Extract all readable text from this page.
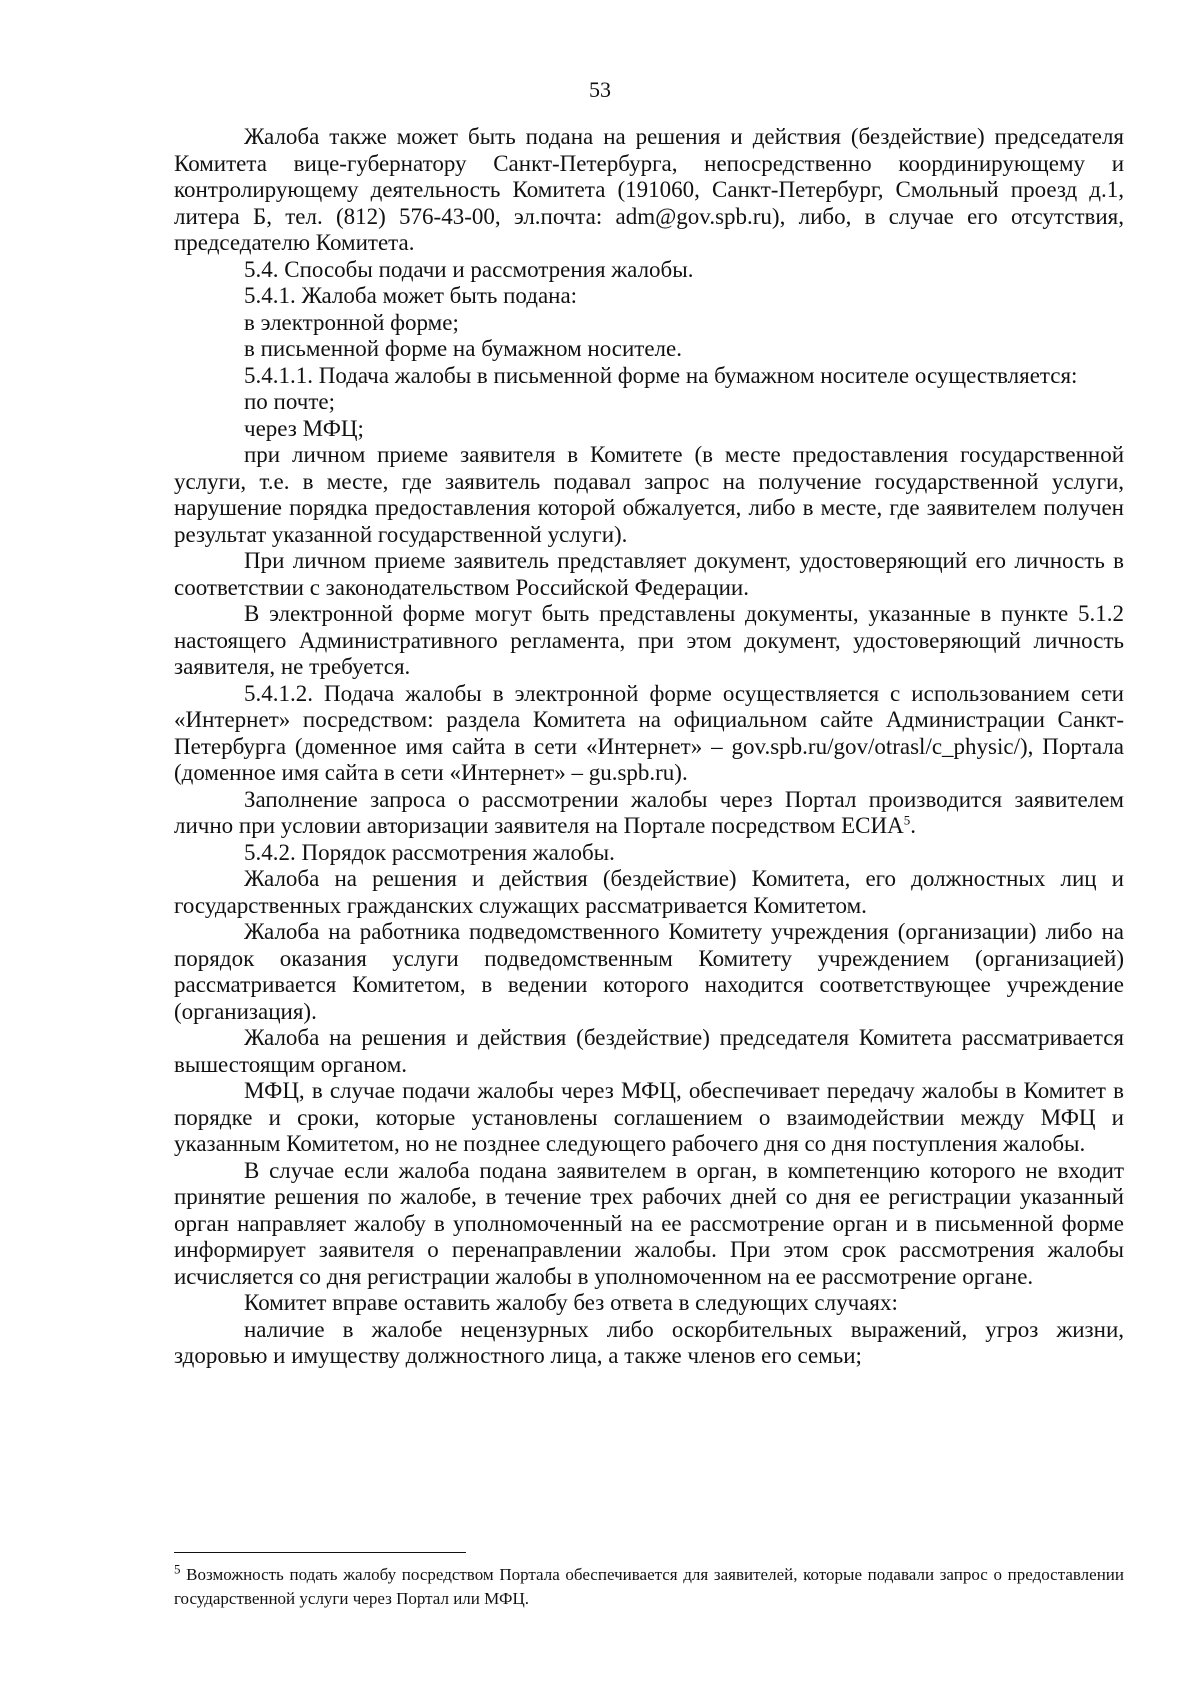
53

Жалоба также может быть подана на решения и действия (бездействие) председателя Комитета вице-губернатору Санкт-Петербурга, непосредственно координирующему и контролирующему деятельность Комитета (191060, Санкт-Петербург, Смольный проезд д.1, литера Б, тел. (812) 576-43-00, эл.почта: adm@gov.spb.ru), либо, в случае его отсутствия, председателю Комитета.

5.4. Способы подачи и рассмотрения жалобы.

5.4.1. Жалоба может быть подана:

в электронной форме;

в письменной форме на бумажном носителе.

5.4.1.1. Подача жалобы в письменной форме на бумажном носителе осуществляется:

по почте;

через МФЦ;

при личном приеме заявителя в Комитете (в месте предоставления государственной услуги, т.е. в месте, где заявитель подавал запрос на получение государственной услуги, нарушение порядка предоставления которой обжалуется, либо в месте, где заявителем получен результат указанной государственной услуги).

При личном приеме заявитель представляет документ, удостоверяющий его личность в соответствии с законодательством Российской Федерации.

В электронной форме могут быть представлены документы, указанные в пункте 5.1.2 настоящего Административного регламента, при этом документ, удостоверяющий личность заявителя, не требуется.

5.4.1.2. Подача жалобы в электронной форме осуществляется с использованием сети «Интернет» посредством: раздела Комитета на официальном сайте Администрации Санкт-Петербурга (доменное имя сайта в сети «Интернет» – gov.spb.ru/gov/otrasl/c_physic/), Портала (доменное имя сайта в сети «Интернет» – gu.spb.ru).

Заполнение запроса о рассмотрении жалобы через Портал производится заявителем лично при условии авторизации заявителя на Портале посредством ЕСИА$^5$.

5.4.2. Порядок рассмотрения жалобы.

Жалоба на решения и действия (бездействие) Комитета, его должностных лиц и государственных гражданских служащих рассматривается Комитетом.

Жалоба на работника подведомственного Комитету учреждения (организации) либо на порядок оказания услуги подведомственным Комитету учреждением (организацией) рассматривается Комитетом, в ведении которого находится соответствующее учреждение (организация).

Жалоба на решения и действия (бездействие) председателя Комитета рассматривается вышестоящим органом.

МФЦ, в случае подачи жалобы через МФЦ, обеспечивает передачу жалобы в Комитет в порядке и сроки, которые установлены соглашением о взаимодействии между МФЦ и указанным Комитетом, но не позднее следующего рабочего дня со дня поступления жалобы.

В случае если жалоба подана заявителем в орган, в компетенцию которого не входит принятие решения по жалобе, в течение трех рабочих дней со дня ее регистрации указанный орган направляет жалобу в уполномоченный на ее рассмотрение орган и в письменной форме информирует заявителя о перенаправлении жалобы. При этом срок рассмотрения жалобы исчисляется со дня регистрации жалобы в уполномоченном на ее рассмотрение органе.

Комитет вправе оставить жалобу без ответа в следующих случаях:

наличие в жалобе нецензурных либо оскорбительных выражений, угроз жизни, здоровью и имуществу должностного лица, а также членов его семьи;

$^5$ Возможность подать жалобу посредством Портала обеспечивается для заявителей, которые подавали запрос о предоставлении государственной услуги через Портал или МФЦ.
